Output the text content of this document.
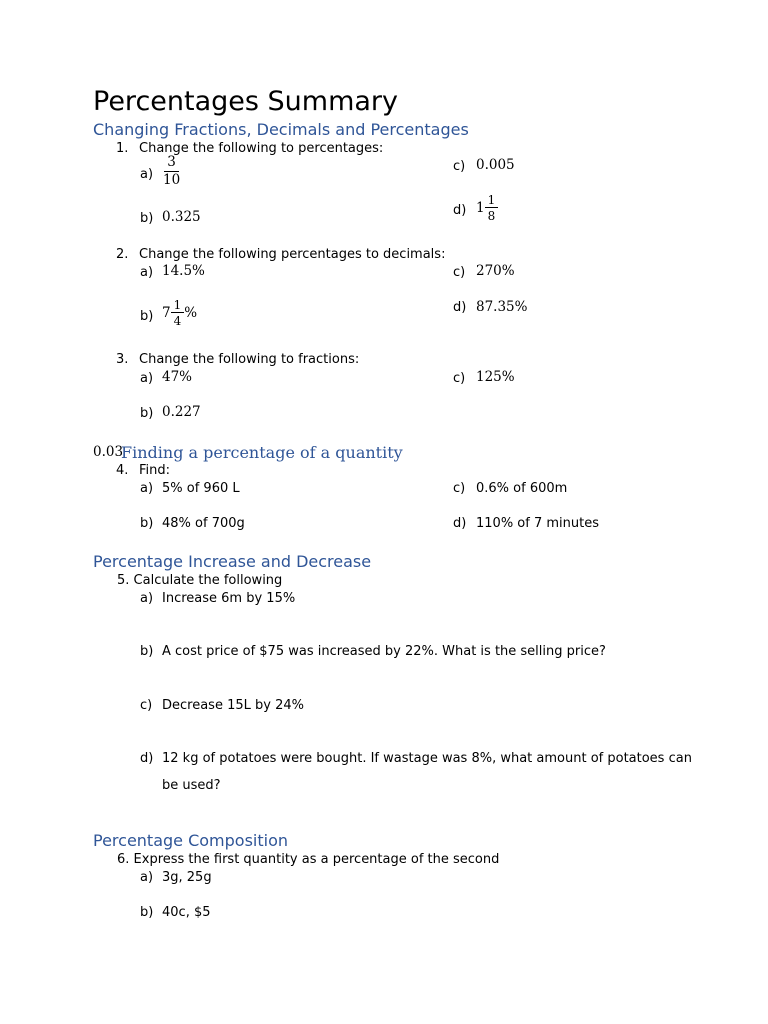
Percentages Summary
Changing Fractions, Decimals and Percentages
1. Change the following to percentages:
$a) \frac{3}{10}$	c) 0.005
b) 0.325	d) $1 \frac{1}{8}$
2. Change the following percentages to decimals:
a) 14.5%	c) 270%
b) $7 \frac{1}{4}$ %	d) 87.35%
3. Change the following to fractions:
a) 47%	c) 125%
b) 0.227
0.03
Finding a percentage of a quantity
4. Find:
a) 5% of 960 L	c) 0.6% of 600m
b) 48% of 700g	d) 110% of 7 minutes
Percentage Increase and Decrease
5. Calculate the following
a) Increase 6m by 15%
b) A cost price of $75 was increased by 22%. What is the selling price?
c) Decrease 15L by 24%
d) 12 kg of potatoes were bought. If wastage was 8%, what amount of potatoes can
be used?
Percentage Composition
6. Express the first quantity as a percentage of the second
a) 3g, 25g
b) 40c, $5
